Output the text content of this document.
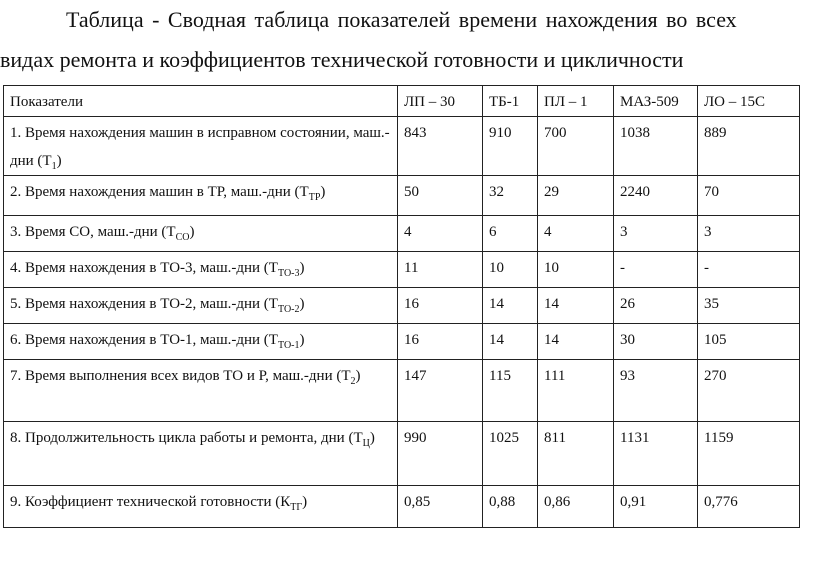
Таблица - Сводная таблица показателей времени нахождения во всех
видах ремонта и коэффициентов технической готовности и цикличности
Показатели	ЛП – 30	ТБ-1	ПЛ – 1	МАЗ-509	ЛО – 15С
1. Время нахождения машин в исправном состоянии, маш.-дни $(Т_1)$	843	910	700	1038	889
2. Время нахождения машин в ТР, маш.-дни $(Т_{ТР})$	50	32	29	2240	70
3. Время СО, маш.-дни $(Т_{СО})$	4	6	4	3	3
4. Время нахождения в ТО-3, маш.-дни $(Т_{ТО-3})$	11	10	10	-	-
5. Время нахождения в ТО-2, маш.-дни $(Т_{ТО-2})$	16	14	14	26	35
6. Время нахождения в ТО-1, маш.-дни $(Т_{ТО-1})$	16	14	14	30	105
7. Время выполнения всех видов ТО и Р, маш.-дни $(Т_2)$	147	115	111	93	270
8. Продолжительность цикла работы и ремонта, дни $(Т_Ц)$	990	1025	811	1131	1159
9. Коэффициент технической готовности $(К_{ТГ})$	0,85	0,88	0,86	0,91	0,776
